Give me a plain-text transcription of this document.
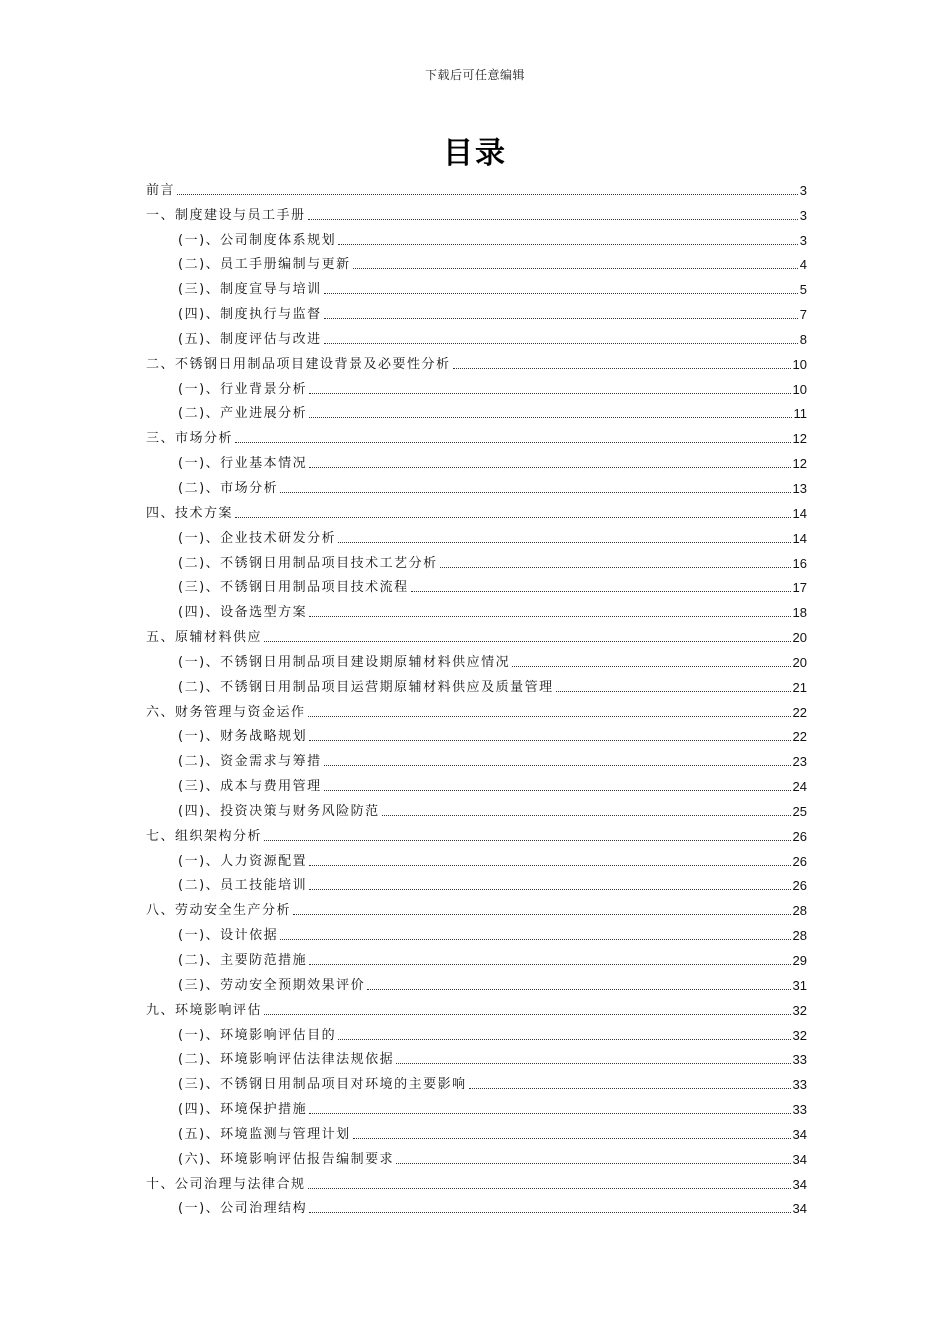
下载后可任意编辑
目录
前言	3
一、制度建设与员工手册	3
(一)、公司制度体系规划	3
(二)、员工手册编制与更新	4
(三)、制度宣导与培训	5
(四)、制度执行与监督	7
(五)、制度评估与改进	8
二、不锈钢日用制品项目建设背景及必要性分析	10
(一)、行业背景分析	10
(二)、产业进展分析	11
三、市场分析	12
(一)、行业基本情况	12
(二)、市场分析	13
四、技术方案	14
(一)、企业技术研发分析	14
(二)、不锈钢日用制品项目技术工艺分析	16
(三)、不锈钢日用制品项目技术流程	17
(四)、设备选型方案	18
五、原辅材料供应	20
(一)、不锈钢日用制品项目建设期原辅材料供应情况	20
(二)、不锈钢日用制品项目运营期原辅材料供应及质量管理	21
六、财务管理与资金运作	22
(一)、财务战略规划	22
(二)、资金需求与筹措	23
(三)、成本与费用管理	24
(四)、投资决策与财务风险防范	25
七、组织架构分析	26
(一)、人力资源配置	26
(二)、员工技能培训	26
八、劳动安全生产分析	28
(一)、设计依据	28
(二)、主要防范措施	29
(三)、劳动安全预期效果评价	31
九、环境影响评估	32
(一)、环境影响评估目的	32
(二)、环境影响评估法律法规依据	33
(三)、不锈钢日用制品项目对环境的主要影响	33
(四)、环境保护措施	33
(五)、环境监测与管理计划	34
(六)、环境影响评估报告编制要求	34
十、公司治理与法律合规	34
(一)、公司治理结构	34
